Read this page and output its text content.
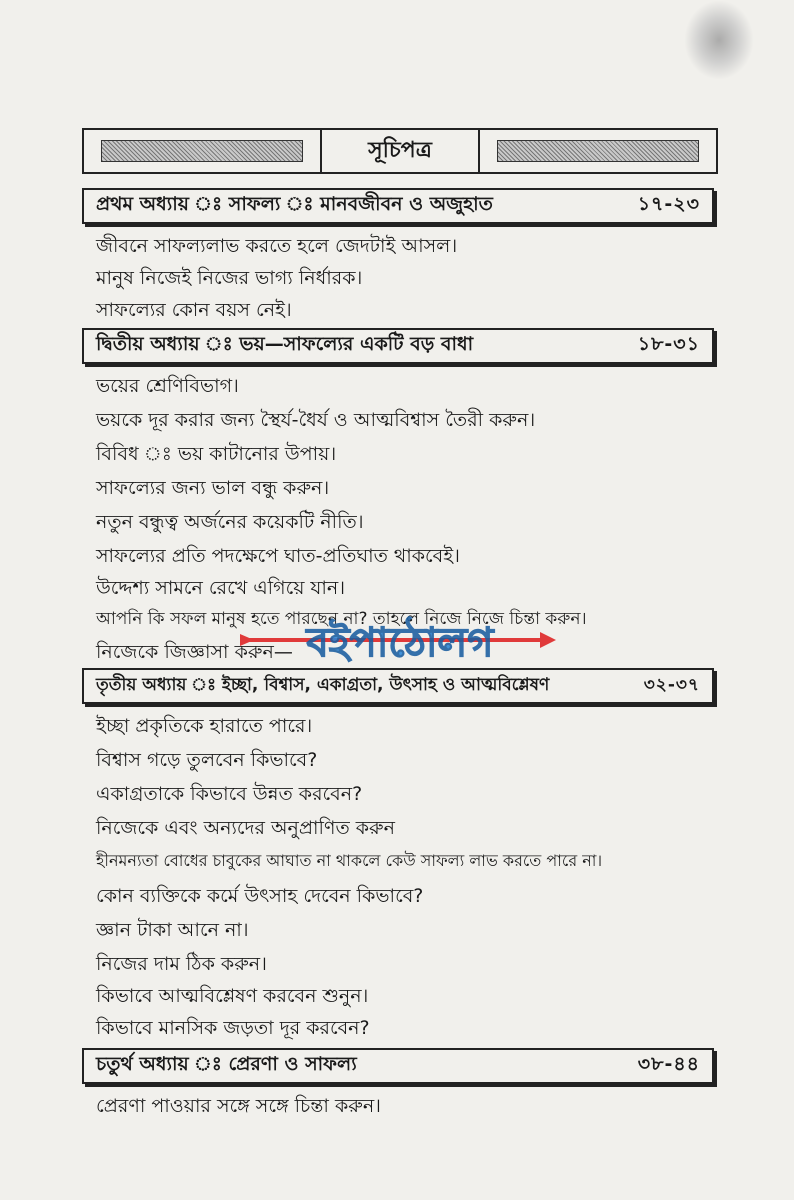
সূচিপত্র
প্রথম অধ্যায় ঃ সাফল্য ঃ মানবজীবন ও অজুহাত	১৭-২৩
জীবনে সাফল্যলাভ করতে হলে জেদটাই আসল।
মানুষ নিজেই নিজের ভাগ্য নির্ধারক।
সাফল্যের কোন বয়স নেই।
দ্বিতীয় অধ্যায় ঃ ভয়—সাফল্যের একটি বড় বাধা	১৮-৩১
ভয়ের শ্রেণিবিভাগ।
ভয়কে দূর করার জন্য স্থৈর্য-ধৈর্য ও আত্মবিশ্বাস তৈরী করুন।
বিবিধ ঃ ভয় কাটানোর উপায়।
সাফল্যের জন্য ভাল বন্ধু করুন।
নতুন বন্ধুত্ব অর্জনের কয়েকটি নীতি।
সাফল্যের প্রতি পদক্ষেপে ঘাত-প্রতিঘাত থাকবেই।
উদ্দেশ্য সামনে রেখে এগিয়ে যান।
আপনি কি সফল মানুষ হতে পারছেন না? তাহলে নিজে নিজে চিন্তা করুন।
নিজেকে জিজ্ঞাসা করুন—
তৃতীয় অধ্যায় ঃ ইচ্ছা, বিশ্বাস, একাগ্রতা, উৎসাহ ও আত্মবিশ্লেষণ	৩২-৩৭
ইচ্ছা প্রকৃতিকে হারাতে পারে।
বিশ্বাস গড়ে তুলবেন কিভাবে?
একাগ্রতাকে কিভাবে উন্নত করবেন?
নিজেকে এবং অন্যদের অনুপ্রাণিত করুন
হীনমন্যতা বোধের চাবুকের আঘাত না থাকলে কেউ সাফল্য লাভ করতে পারে না।
কোন ব্যক্তিকে কর্মে উৎসাহ দেবেন কিভাবে?
জ্ঞান টাকা আনে না।
নিজের দাম ঠিক করুন।
কিভাবে আত্মবিশ্লেষণ করবেন শুনুন।
কিভাবে মানসিক জড়তা দূর করবেন?
চতুর্থ অধ্যায় ঃ প্রেরণা ও সাফল্য	৩৮-৪৪
প্রেরণা পাওয়ার সঙ্গে সঙ্গে চিন্তা করুন।
বইপাঠোলগ
